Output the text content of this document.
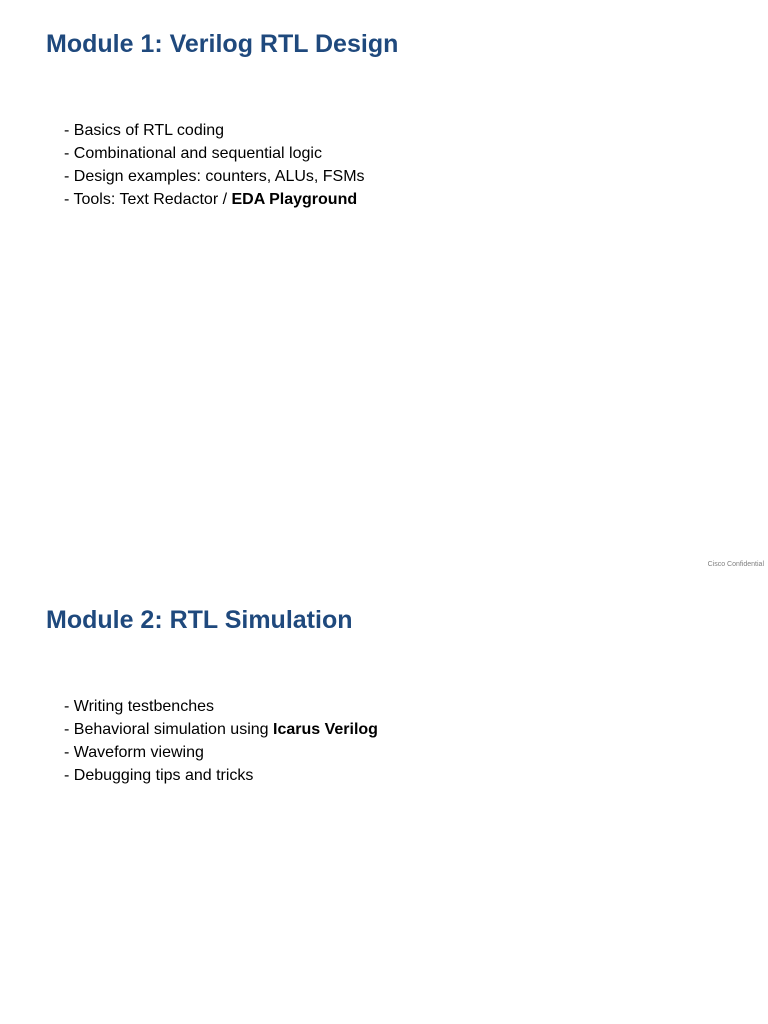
Module 1: Verilog RTL Design
- Basics of RTL coding
- Combinational and sequential logic
- Design examples: counters, ALUs, FSMs
- Tools: Text Redactor / EDA Playground
Cisco Confidential
Module 2: RTL Simulation
- Writing testbenches
- Behavioral simulation using Icarus Verilog
- Waveform viewing
- Debugging tips and tricks
